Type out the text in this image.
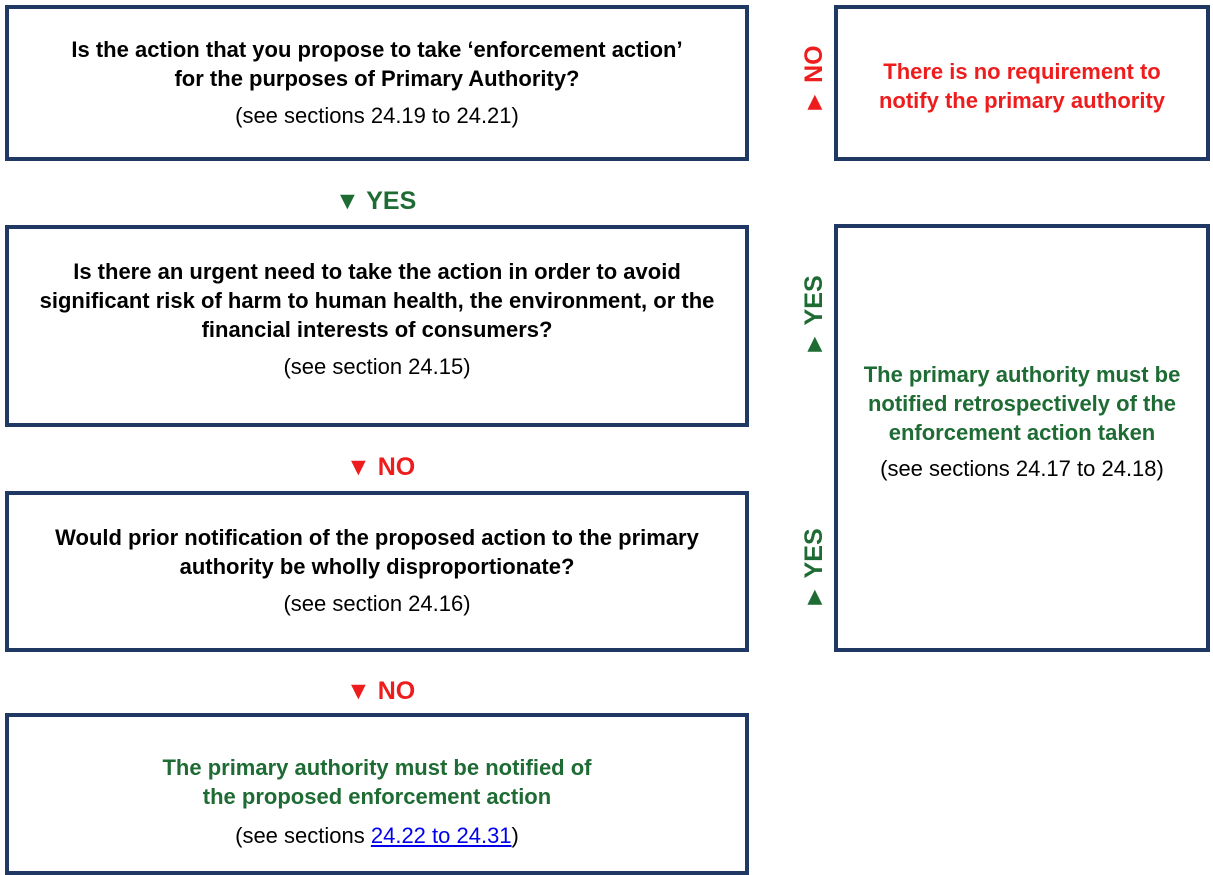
Is the action that you propose to take ‘enforcement action’ for the purposes of Primary Authority?
(see sections 24.19 to 24.21)
► NO	There is no requirement to notify the primary authority
▼ YES
Is there an urgent need to take the action in order to avoid significant risk of harm to human health, the environment, or the financial interests of consumers?
(see section 24.15)
► YES
The primary authority must be notified retrospectively of the enforcement action taken
(see sections 24.17 to 24.18)
▼ NO
Would prior notification of the proposed action to the primary authority be wholly disproportionate?
(see section 24.16)	► YES
▼ NO
The primary authority must be notified of the proposed enforcement action
(see sections 24.22 to 24.31)
